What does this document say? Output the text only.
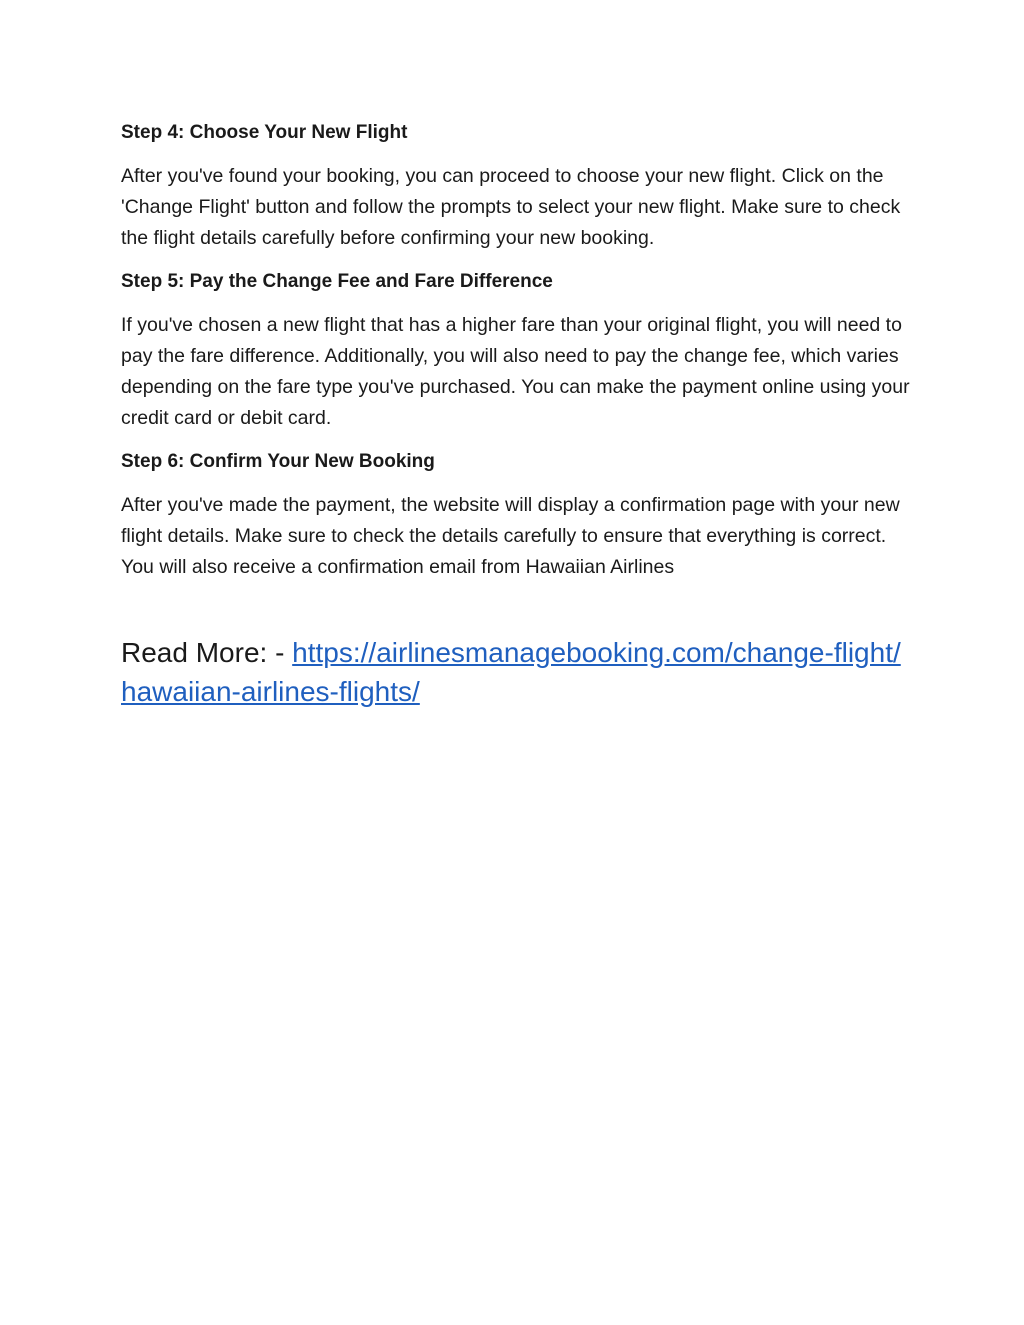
Step 4: Choose Your New Flight

After you've found your booking, you can proceed to choose your new flight. Click on the 'Change Flight' button and follow the prompts to select your new flight. Make sure to check the flight details carefully before confirming your new booking.

Step 5: Pay the Change Fee and Fare Difference

If you've chosen a new flight that has a higher fare than your original flight, you will need to pay the fare difference. Additionally, you will also need to pay the change fee, which varies depending on the fare type you've purchased. You can make the payment online using your credit card or debit card.

Step 6: Confirm Your New Booking

After you've made the payment, the website will display a confirmation page with your new flight details. Make sure to check the details carefully to ensure that everything is correct. You will also receive a confirmation email from Hawaiian Airlines

Read More: - https://airlinesmanagebooking.com/change-flight/hawaiian-airlines-flights/
